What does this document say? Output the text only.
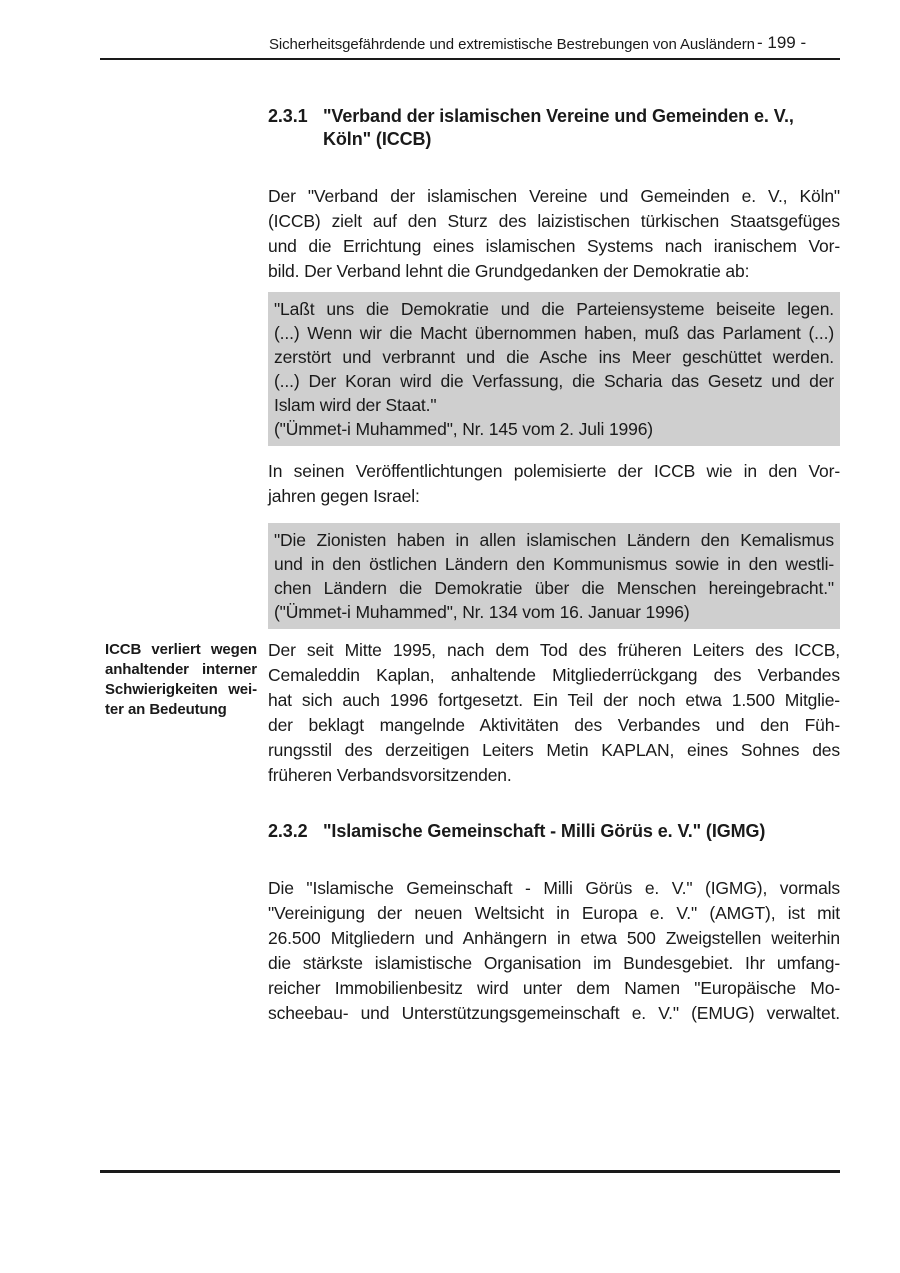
Sicherheitsgefährdende und extremistische Bestrebungen von Ausländern - 199 -
2.3.1 "Verband der islamischen Vereine und Gemeinden e. V.,
Köln" (ICCB)
Der "Verband der islamischen Vereine und Gemeinden e. V., Köln"
(ICCB) zielt auf den Sturz des laizistischen türkischen Staatsgefüges
und die Errichtung eines islamischen Systems nach iranischem Vor-
bild. Der Verband lehnt die Grundgedanken der Demokratie ab:
"Laßt uns die Demokratie und die Parteiensysteme beiseite legen.
(...) Wenn wir die Macht übernommen haben, muß das Parlament (...)
zerstört und verbrannt und die Asche ins Meer geschüttet werden.
(...) Der Koran wird die Verfassung, die Scharia das Gesetz und der
Islam wird der Staat."
("Ümmet-i Muhammed", Nr. 145 vom 2. Juli 1996)
In seinen Veröffentlichtungen polemisierte der ICCB wie in den Vor-
jahren gegen Israel:
"Die Zionisten haben in allen islamischen Ländern den Kemalismus
und in den östlichen Ländern den Kommunismus sowie in den westli-
chen Ländern die Demokratie über die Menschen hereingebracht."
("Ümmet-i Muhammed", Nr. 134 vom 16. Januar 1996)
ICCB verliert wegen
anhaltender interner
Schwierigkeiten wei-
ter an Bedeutung
Der seit Mitte 1995, nach dem Tod des früheren Leiters des ICCB,
Cemaleddin Kaplan, anhaltende Mitgliederrückgang des Verbandes
hat sich auch 1996 fortgesetzt. Ein Teil der noch etwa 1.500 Mitglie-
der beklagt mangelnde Aktivitäten des Verbandes und den Füh-
rungsstil des derzeitigen Leiters Metin KAPLAN, eines Sohnes des
früheren Verbandsvorsitzenden.
2.3.2 "Islamische Gemeinschaft - Milli Görüs e. V." (IGMG)
Die "Islamische Gemeinschaft - Milli Görüs e. V." (IGMG), vormals
"Vereinigung der neuen Weltsicht in Europa e. V." (AMGT), ist mit
26.500 Mitgliedern und Anhängern in etwa 500 Zweigstellen weiterhin
die stärkste islamistische Organisation im Bundesgebiet. Ihr umfang-
reicher Immobilienbesitz wird unter dem Namen "Europäische Mo-
scheebau- und Unterstützungsgemeinschaft e. V." (EMUG) verwaltet.
